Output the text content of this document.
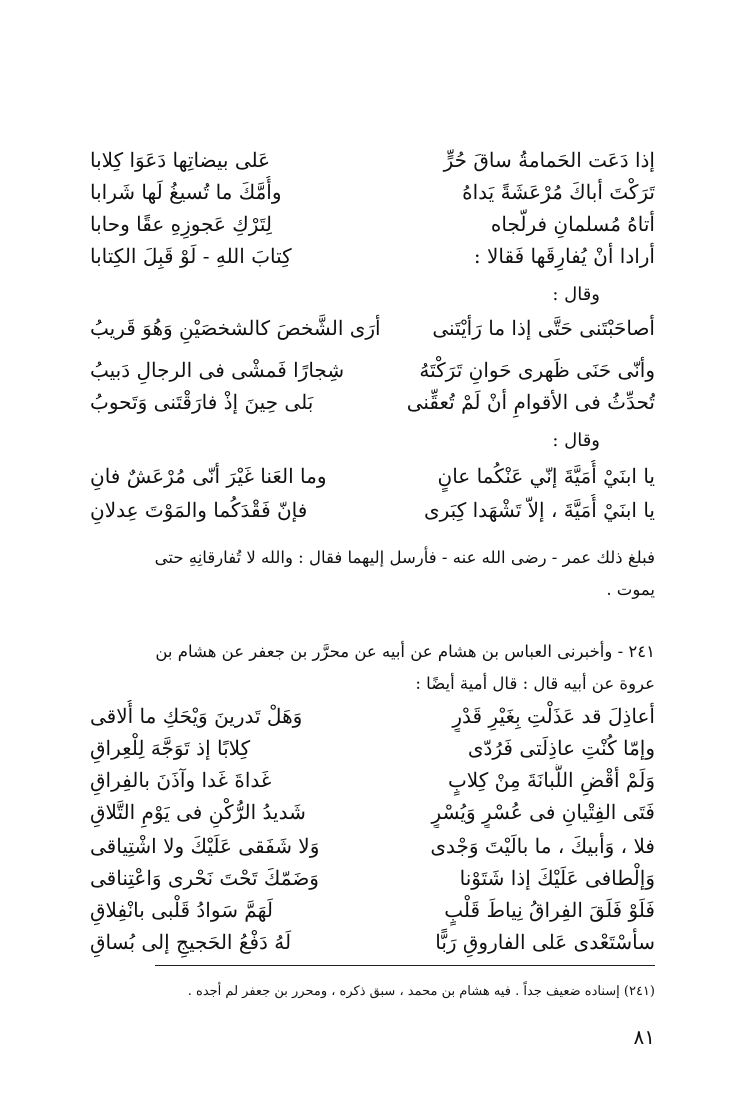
إذا دَعَت الحَمامةُ ساقَ حُرٍّ
عَلى بيضاتِها دَعَوَا كِلابا
تَرَكْتَ أباكَ مُرْعَشَةً يَداهُ
وأُمَّكَ ما تُسيغُ لَها شَرابا
أتاهُ مُسلمانِ فرلّجاه
لِتَرْكِ عَجوزِهِ عقًا وحابا
أرادا أنْ يُفارِقَها فَقالا :
كِتابَ اللهِ - لَوْ قَبِلَ الكِتابا
وقال :
أصاحَبْتَنى حَتَّى إذا ما رَأيْتَنى
أرَى الشَّخصَ كالشخصَيْنِ وَهُوَ قَريبُ
وأنّى حَنَى ظَهرى حَوانِ تَرَكْتَهُ
شِجارًا فَمشْى فى الرجالِ دَبيبُ
تُحدِّثُ فى الأقوامِ أنْ لَمْ تُعقِّنى
بَلى حِينَ إذْ فارَقْتَنى وَتَحوبُ
وقال :
يا ابنَيْ أُمَيَّةَ إنّي عَنْكُما عانٍ
وما العَنا غَيْرَ أنّى مُرْعَشٌ فانِ
يا ابنَيْ أُمَيَّةَ ، إلاّ تَشْهَدا كِبَرى
فإنّ فَقْدَكُما والمَوْتَ عِدلانِ
فبلغ ذلك عمر - رضى الله عنه - فأرسل إليهما فقال : والله لا تُفارقانِهِ حتى
يموت .
٢٤١ - وأخبرنى العباس بن هشام عن أبيه عن محرَّر بن جعفر عن هشام بن
عروة عن أبيه قال : قال أمية أيضًا :
أعاذِلَ قد عَذَلْتِ بِغَيْرِ قَدْرٍ
وَهَلْ تَدرينَ وَيْحَكِ ما أُلاقى
وإمّا كُنْتِ عاذِلَتى فَرُدّى
كِلابًا إذ تَوَجَّهَ لِلْعِراقِ
وَلَمْ أقْضِ اللُّبانَةَ مِنْ كِلابٍ
غَداةَ غَدا وآذَنَ بالفِراقِ
فَتَى الفِتْيانِ فى عُسْرٍ وَيُسْرٍ
شَديدُ الرُّكْنِ فى يَوْمِ التَّلاقِ
فلا ، وَأبيكَ ، ما بالَيْتَ وَجْدى
وَلا شَفَقى عَلَيْكَ ولا اشْتِياقى
وَإلْطافى عَلَيْكَ إذا شَتَوْنا
وَضَمّكَ تَحْتَ نَحْرى وَاعْتِناقى
فَلَوْ فَلَقَ الفِراقُ نِياطَ قَلْبٍ
لَهَمَّ سَوادُ قَلْبى بانْفِلاقِ
سأسْتَعْدى عَلى الفاروقِ رَبًّا
لَهُ دَفْعُ الحَجيجِ إلى بُساقِ
(٢٤١) إسناده ضعيف جداً . فيه هشام بن محمد ، سبق ذكره ، ومحرر بن جعفر لم أجده .
٨١
